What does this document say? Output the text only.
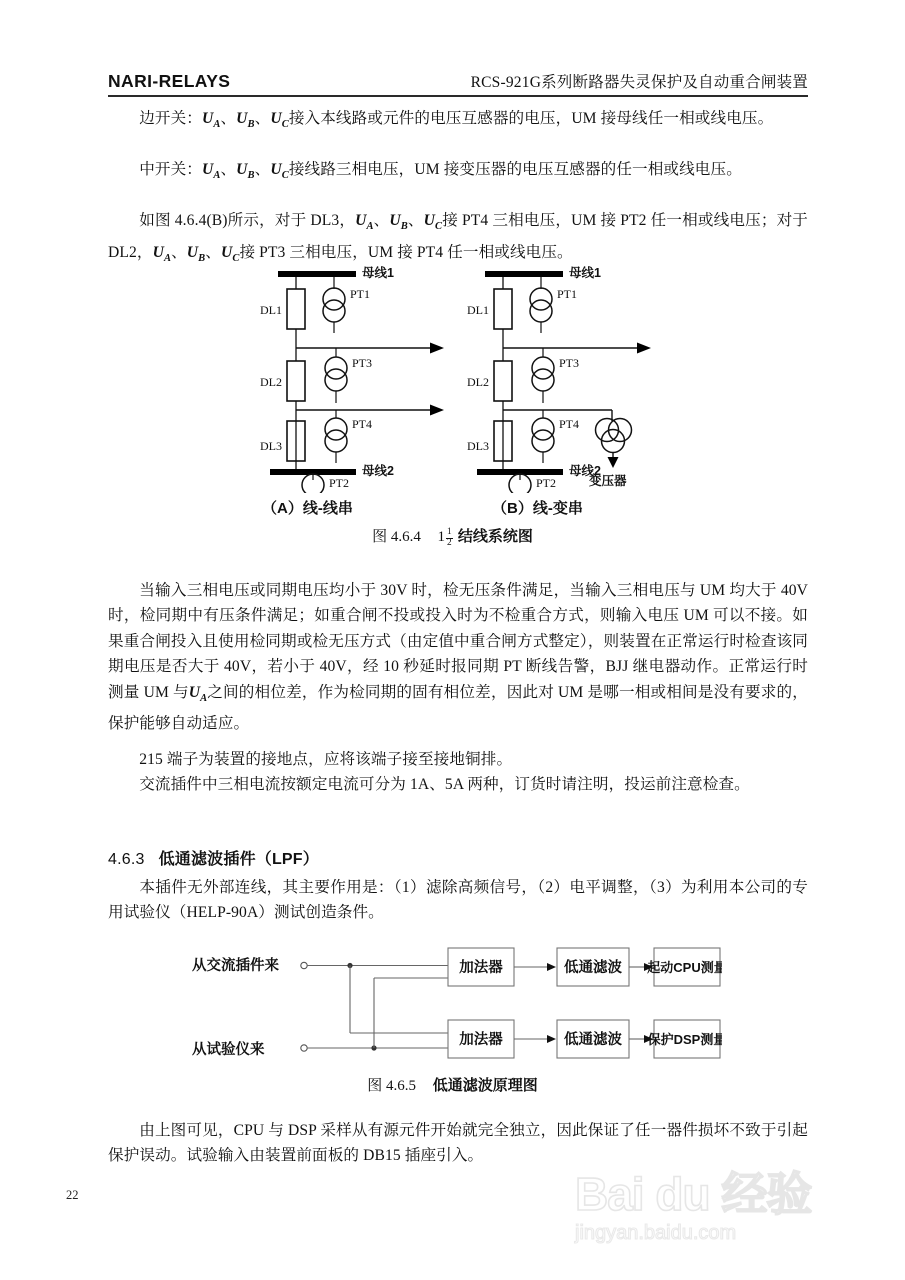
NARI-RELAYS	RCS-921G系列断路器失灵保护及自动重合闸装置
边开关：$U_A$、$U_B$、$U_C$接入本线路或元件的电压互感器的电压，UM 接母线任一相或线电压。
中开关：$U_A$、$U_B$、$U_C$接线路三相电压，UM 接变压器的电压互感器的任一相或线电压。
如图 4.6.4(B)所示，对于 DL3，$U_A$、$U_B$、$U_C$接 PT4 三相电压，UM 接 PT2 任一相或线电压；对于 DL2，$U_A$、$U_B$、$U_C$接 PT3 三相电压，UM 接 PT4 任一相或线电压。
母线1
DL1
PT1
DL2
PT3
DL3
PT4
母线2
PT2
母线1
DL1
PT1
DL2
PT3
DL3
PT4
变压器
母线2
PT2
（A）线-线串	（B）线-变串
图 4.6.4 $1 \frac{1}{2}$ 结线系统图
当输入三相电压或同期电压均小于 30V 时，检无压条件满足，当输入三相电压与 UM 均大于 40V 时，检同期中有压条件满足；如重合闸不投或投入时为不检重合方式，则输入电压 UM 可以不接。如果重合闸投入且使用检同期或检无压方式（由定值中重合闸方式整定），则装置在正常运行时检查该同期电压是否大于 40V，若小于 40V，经 10 秒延时报同期 PT 断线告警，BJJ 继电器动作。正常运行时测量 UM 与$U_A$之间的相位差，作为检同期的固有相位差，因此对 UM 是哪一相或相间是没有要求的，保护能够自动适应。
215 端子为装置的接地点，应将该端子接至接地铜排。
交流插件中三相电流按额定电流可分为 1A、5A 两种，订货时请注明，投运前注意检查。
4.6.3 低通滤波插件（LPF）
本插件无外部连线，其主要作用是：（1）滤除高频信号，（2）电平调整，（3）为利用本公司的专用试验仪（HELP-90A）测试创造条件。
从交流插件来
从试验仪来
加法器	低通滤波 起动CPU测量
加法器	低通滤波 保护DSP测量
图 4.6.5 低通滤波原理图
由上图可见，CPU 与 DSP 采样从有源元件开始就完全独立，因此保证了任一器件损坏不致于引起保护误动。试验输入由装置前面板的 DB15 插座引入。
22	Bai du 经验
jingyan.baidu.com
